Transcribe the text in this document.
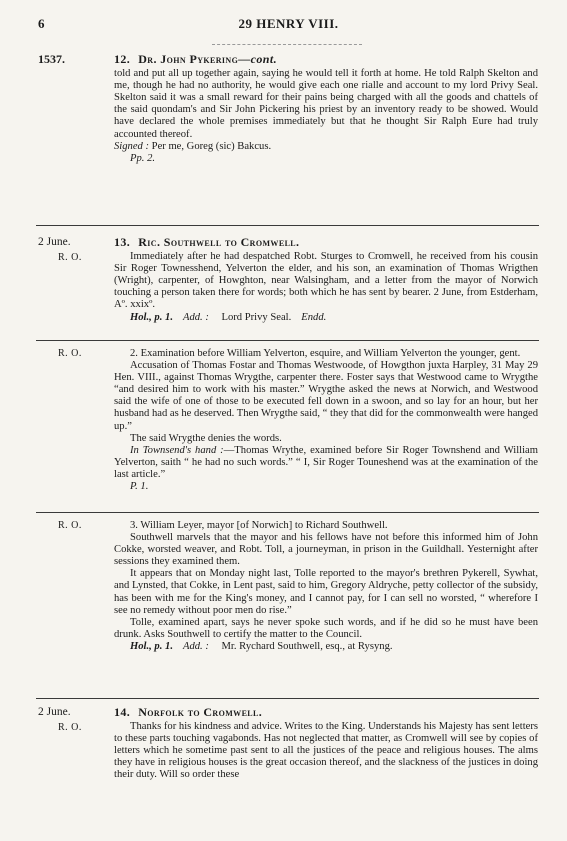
6	29 HENRY VIII.
1537.	12. Dr. John Pykering—cont.

told and put all up together again, saying he would tell it forth at home. He told Ralph Skelton and me, though he had no authority, he would give each one rialle and account to my lord Privy Seal. Skelton said it was a small reward for their pains being charged with all the goods and chattels of the said quondam's and Sir John Pickering his priest by an inventory ready to be showed. Would have declared the whole premises immediately but that he thought Sir Ralph Eure had truly accounted thereof.

Signed : Per me, Goreg (sic) Bakcus.

Pp. 2.

2 June.
R. O.
13. Ric. Southwell to Cromwell.

Immediately after he had despatched Robt. Sturges to Cromwell, he received from his cousin Sir Roger Townesshend, Yelverton the elder, and his son, an examination of Thomas Wrigthen (Wright), carpenter, of Howghton, near Walsingham, and a letter from the mayor of Norwich touching a person taken there for words; both which he has sent by bearer. 2 June, from Estderham, Aº. xxixº.

Hol., p. 1. Add. : Lord Privy Seal. Endd.

R. O.	2. Examination before William Yelverton, esquire, and William Yelverton the younger, gent.

Accusation of Thomas Fostar and Thomas Westwoode, of Howgthon juxta Harpley, 31 May 29 Hen. VIII., against Thomas Wrygthe, carpenter there. Foster says that Westwood came to Wrygthe “and desired him to work with his master.” Wrygthe asked the news at Norwich, and Westwood said the wife of one of those to be executed fell down in a swoon, and so lay for an hour, but her husband had as he deserved. Then Wrygthe said, “ they that did for the commonwealth were hanged up.”

The said Wrygthe denies the words.

In Townsend's hand :—Thomas Wrythe, examined before Sir Roger Townshend and William Yelverton, saith “ he had no such words.” “ I, Sir Roger Touneshend was at the examination of the last article.”

P. 1.

R. O.	3. William Leyer, mayor [of Norwich] to Richard Southwell.

Southwell marvels that the mayor and his fellows have not before this informed him of John Cokke, worsted weaver, and Robt. Toll, a journeyman, in prison in the Guildhall. Yesternight after sessions they examined them.

It appears that on Monday night last, Tolle reported to the mayor's brethren Pykerell, Sywhat, and Lynsted, that Cokke, in Lent past, said to him, Gregory Aldryche, petty collector of the subsidy, has been with me for the King's money, and I cannot pay, for I can sell no worsted, “ wherefore I see no remedy without poor men do rise.”

Tolle, examined apart, says he never spoke such words, and if he did so he must have been drunk. Asks Southwell to certify the matter to the Council.

Hol., p. 1. Add. : Mr. Rychard Southwell, esq., at Rysyng.

2 June.
R. O.
14. Norfolk to Cromwell.

Thanks for his kindness and advice. Writes to the King. Understands his Majesty has sent letters to these parts touching vagabonds. Has not neglected that matter, as Cromwell will see by copies of letters which he sometime past sent to all the justices of the peace and religious houses. The alms they have in religious houses is the great occasion thereof, and the slackness of the justices in doing their duty. Will so order these
